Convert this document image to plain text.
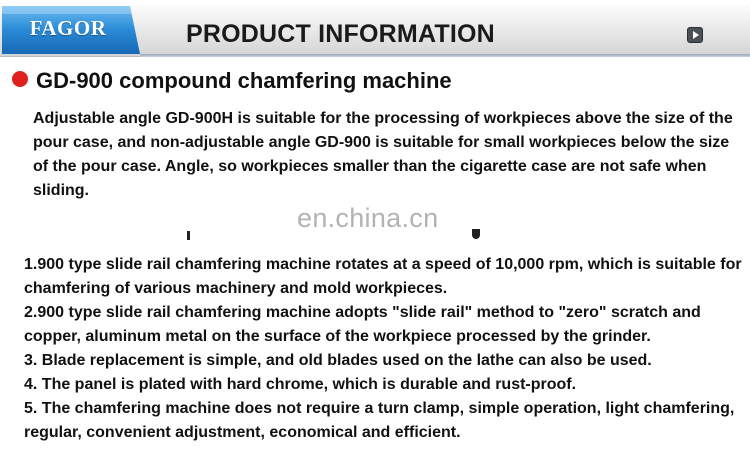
FAGOR	PRODUCT INFORMATION
GD-900 compound chamfering machine
Adjustable angle GD-900H is suitable for the processing of workpieces above the size of the pour case, and non-adjustable angle GD-900 is suitable for small workpieces below the size of the pour case. Angle, so workpieces smaller than the cigarette case are not safe when sliding.
en.china.cn
1.900 type slide rail chamfering machine rotates at a speed of 10,000 rpm, which is suitable for chamfering of various machinery and mold workpieces.
2.900 type slide rail chamfering machine adopts "slide rail" method to "zero" scratch and copper, aluminum metal on the surface of the workpiece processed by the grinder.
3. Blade replacement is simple, and old blades used on the lathe can also be used.
4. The panel is plated with hard chrome, which is durable and rust-proof.
5. The chamfering machine does not require a turn clamp, simple operation, light chamfering, regular, convenient adjustment, economical and efficient.
